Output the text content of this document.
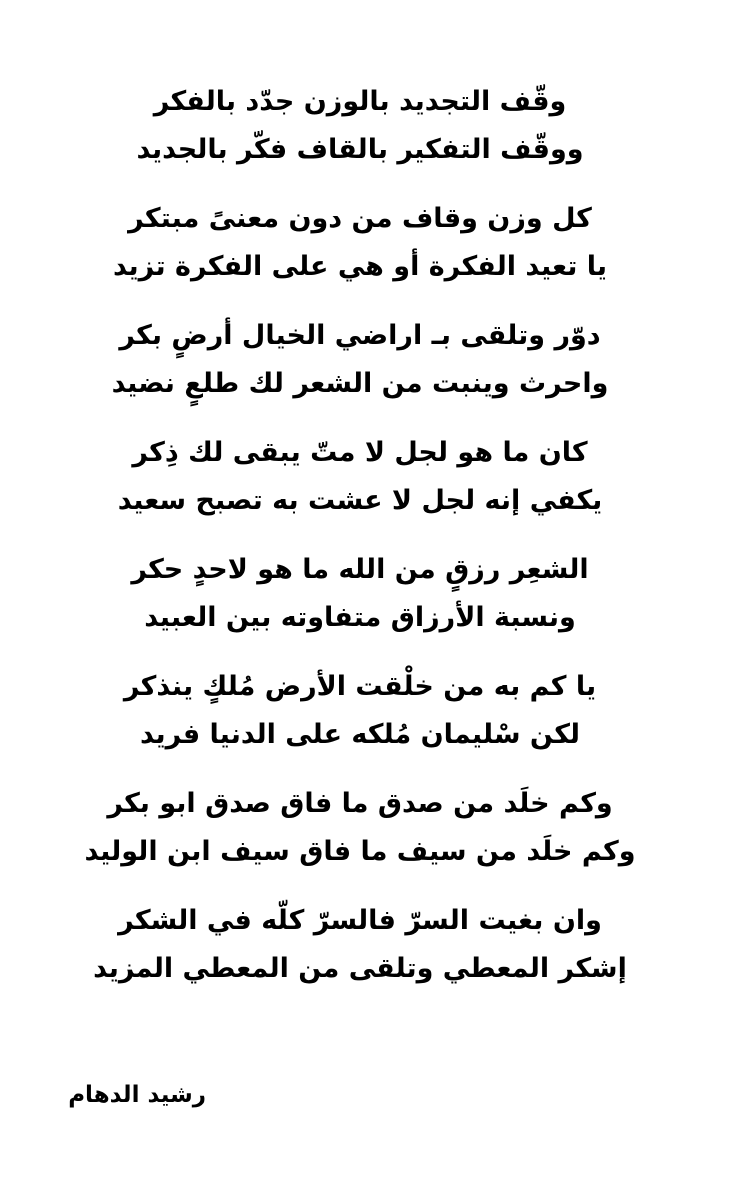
وقّف التجديد بالوزن جدّد بالفكر
ووقّف التفكير بالقاف فكّر بالجديد
كل وزن وقاف من دون معنىً مبتكر
يا تعيد الفكرة أو هي على الفكرة تزيد
دوّر وتلقى بـ اراضي الخيال أرضٍ بكر
واحرث وينبت من الشعر لك طلعٍ نضيد
كان ما هو لجل لا متّ يبقى لك ذِكر
يكفي إنه لجل لا عشت به تصبح سعيد
الشعِر رزقٍ من الله ما هو لاحدٍ حكر
ونسبة الأرزاق متفاوته بين العبيد
يا كم به من خلْقت الأرض مُلكٍ ينذكر
لكن سْليمان مُلكه على الدنيا فريد
وكم خلَد من صدق ما فاق صدق ابو بكر
وكم خلَد من سيف ما فاق سيف ابن الوليد
وان بغيت السرّ فالسرّ كلّه في الشكر
إشكر المعطي وتلقى من المعطي المزيد
رشيد الدهام
